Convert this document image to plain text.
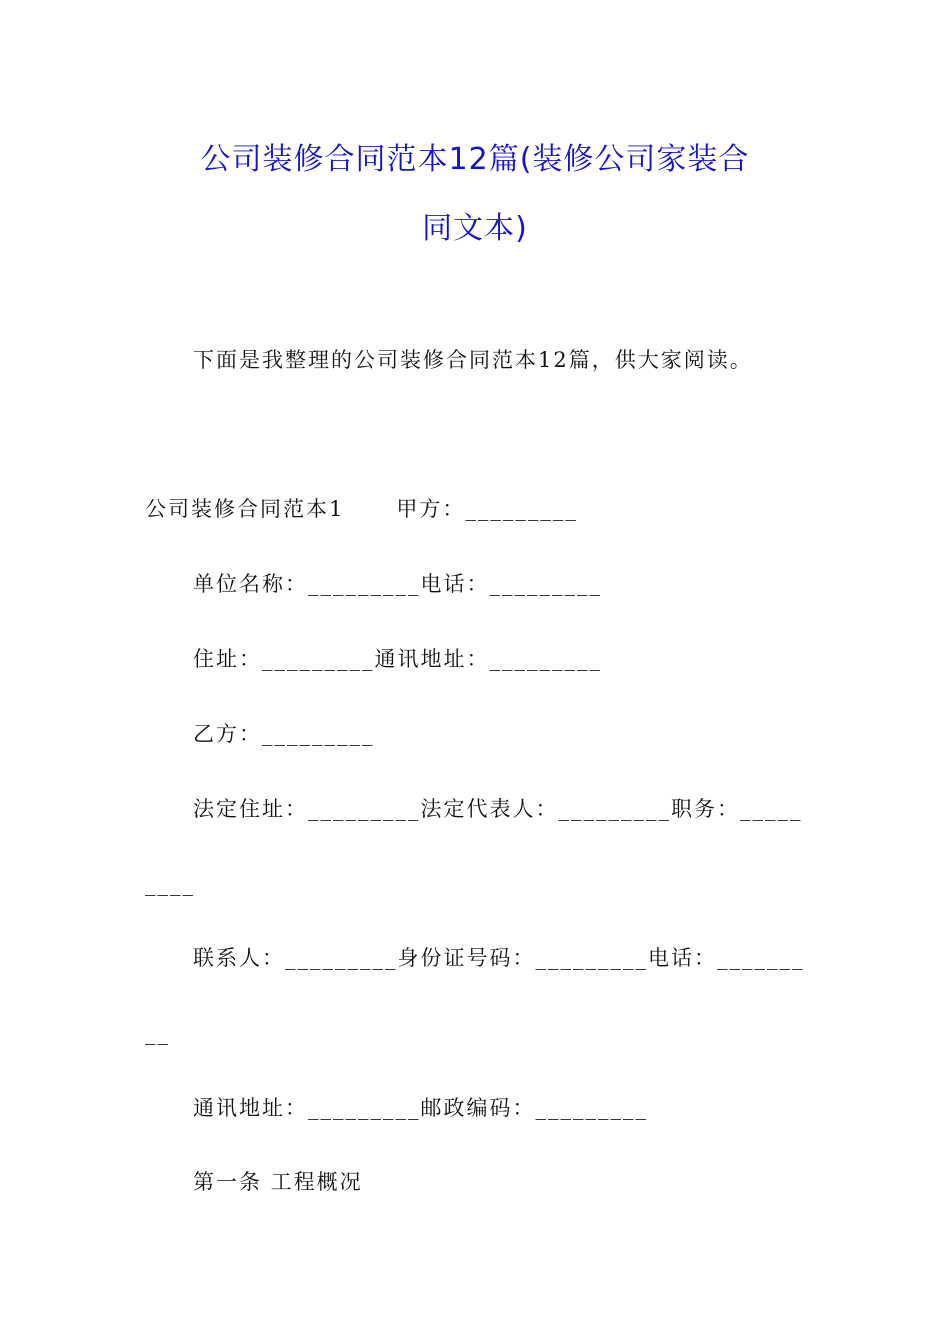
公司装修合同范本12篇(装修公司家装合
同文本)
下面是我整理的公司装修合同范本12篇，供大家阅读。
公司装修合同范本1 甲方：_________
单位名称：_________电话：_________
住址：_________通讯地址：_________
乙方：_________
法定住址：_________法定代表人：_________职务：_____
____
联系人：_________身份证号码：_________电话：_______
__
通讯地址：_________邮政编码：_________
第一条 工程概况
